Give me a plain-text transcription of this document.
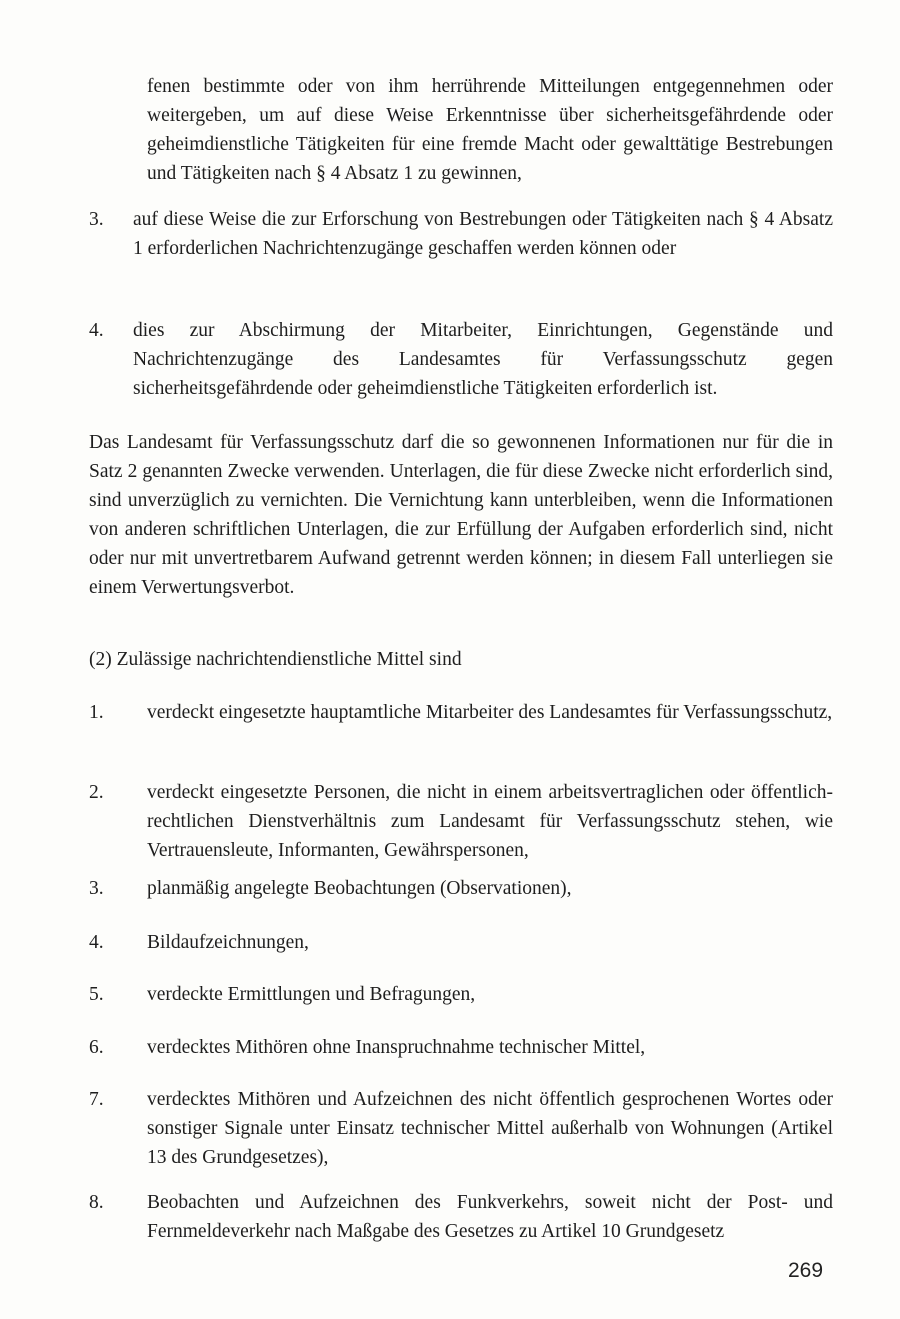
fenen bestimmte oder von ihm herrührende Mitteilungen entgegennehmen oder weitergeben, um auf diese Weise Erkenntnisse über sicherheitsgefährdende oder geheimdienstliche Tätigkeiten für eine fremde Macht oder gewalttätige Bestrebungen und Tätigkeiten nach § 4 Absatz 1 zu gewinnen,
3. auf diese Weise die zur Erforschung von Bestrebungen oder Tätigkeiten nach § 4 Absatz 1 erforderlichen Nachrichtenzugänge geschaffen werden können oder
4. dies zur Abschirmung der Mitarbeiter, Einrichtungen, Gegenstände und Nachrichtenzugänge des Landesamtes für Verfassungsschutz gegen sicherheitsgefährdende oder geheimdienstliche Tätigkeiten erforderlich ist.
Das Landesamt für Verfassungsschutz darf die so gewonnenen Informationen nur für die in Satz 2 genannten Zwecke verwenden. Unterlagen, die für diese Zwecke nicht erforderlich sind, sind unverzüglich zu vernichten. Die Vernichtung kann unterbleiben, wenn die Informationen von anderen schriftlichen Unterlagen, die zur Erfüllung der Aufgaben erforderlich sind, nicht oder nur mit unvertretbarem Aufwand getrennt werden können; in diesem Fall unterliegen sie einem Verwertungsverbot.
(2) Zulässige nachrichtendienstliche Mittel sind
1. verdeckt eingesetzte hauptamtliche Mitarbeiter des Landesamtes für Verfassungsschutz,
2. verdeckt eingesetzte Personen, die nicht in einem arbeitsvertraglichen oder öffentlich-rechtlichen Dienstverhältnis zum Landesamt für Verfassungsschutz stehen, wie Vertrauensleute, Informanten, Gewährspersonen,
3. planmäßig angelegte Beobachtungen (Observationen),
4. Bildaufzeichnungen,
5. verdeckte Ermittlungen und Befragungen,
6. verdecktes Mithören ohne Inanspruchnahme technischer Mittel,
7. verdecktes Mithören und Aufzeichnen des nicht öffentlich gesprochenen Wortes oder sonstiger Signale unter Einsatz technischer Mittel außerhalb von Wohnungen (Artikel 13 des Grundgesetzes),
8. Beobachten und Aufzeichnen des Funkverkehrs, soweit nicht der Post- und Fernmeldeverkehr nach Maßgabe des Gesetzes zu Artikel 10 Grundgesetz
269
